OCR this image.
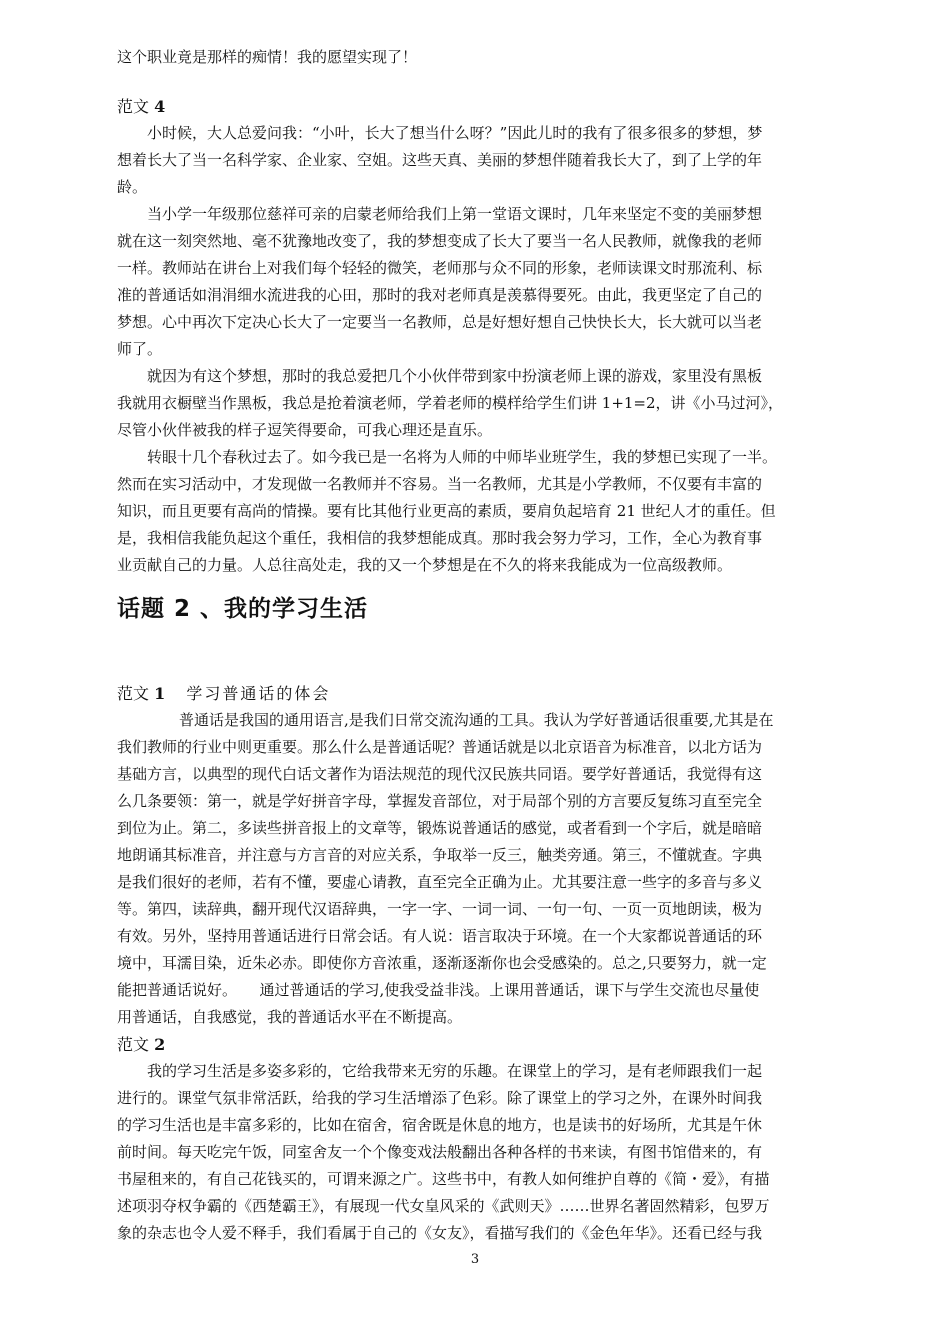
这个职业竟是那样的痴情！我的愿望实现了！
范文 4
小时候，大人总爱问我：“小叶，长大了想当什么呀？”因此儿时的我有了很多很多的梦想，梦
想着长大了当一名科学家、企业家、空姐。这些天真、美丽的梦想伴随着我长大了，到了上学的年
龄。
当小学一年级那位慈祥可亲的启蒙老师给我们上第一堂语文课时，几年来坚定不变的美丽梦想
就在这一刻突然地、毫不犹豫地改变了，我的梦想变成了长大了要当一名人民教师，就像我的老师
一样。教师站在讲台上对我们每个轻轻的微笑，老师那与众不同的形象，老师读课文时那流利、标
准的普通话如涓涓细水流进我的心田，那时的我对老师真是羡慕得要死。由此，我更坚定了自己的
梦想。心中再次下定决心长大了一定要当一名教师，总是好想好想自己快快长大，长大就可以当老
师了。
就因为有这个梦想，那时的我总爱把几个小伙伴带到家中扮演老师上课的游戏，家里没有黑板
我就用衣橱壁当作黑板，我总是抢着演老师，学着老师的模样给学生们讲 1+1=2，讲《小马过河》，
尽管小伙伴被我的样子逗笑得要命，可我心理还是直乐。
转眼十几个春秋过去了。如今我已是一名将为人师的中师毕业班学生，我的梦想已实现了一半。
然而在实习活动中，才发现做一名教师并不容易。当一名教师，尤其是小学教师，不仅要有丰富的
知识，而且更要有高尚的情操。要有比其他行业更高的素质，要肩负起培育 21 世纪人才的重任。但
是，我相信我能负起这个重任，我相信的我梦想能成真。那时我会努力学习，工作，全心为教育事
业贡献自己的力量。人总往高处走，我的又一个梦想是在不久的将来我能成为一位高级教师。
话题 2 、我的学习生活
范文 1 学习普通话的体会
普通话是我国的通用语言,是我们日常交流沟通的工具。我认为学好普通话很重要,尤其是在
我们教师的行业中则更重要。那么什么是普通话呢？普通话就是以北京语音为标准音，以北方话为
基础方言，以典型的现代白话文著作为语法规范的现代汉民族共同语。要学好普通话，我觉得有这
么几条要领：第一，就是学好拼音字母，掌握发音部位，对于局部个别的方言要反复练习直至完全
到位为止。第二，多读些拼音报上的文章等，锻炼说普通话的感觉，或者看到一个字后，就是暗暗
地朗诵其标准音，并注意与方言音的对应关系，争取举一反三，触类旁通。第三，不懂就查。字典
是我们很好的老师，若有不懂，要虚心请教，直至完全正确为止。尤其要注意一些字的多音与多义
等。第四，读辞典，翻开现代汉语辞典，一字一字、一词一词、一句一句、一页一页地朗读，极为
有效。另外，坚持用普通话进行日常会话。有人说：语言取决于环境。在一个大家都说普通话的环
境中，耳濡目染，近朱必赤。即使你方音浓重，逐渐逐渐你也会受感染的。总之,只要努力，就一定
能把普通话说好。　　通过普通话的学习,使我受益非浅。上课用普通话，课下与学生交流也尽量使
用普通话，自我感觉，我的普通话水平在不断提高。
范文 2
我的学习生活是多姿多彩的，它给我带来无穷的乐趣。在课堂上的学习，是有老师跟我们一起
进行的。课堂气氛非常活跃，给我的学习生活增添了色彩。除了课堂上的学习之外，在课外时间我
的学习生活也是丰富多彩的，比如在宿舍，宿舍既是休息的地方，也是读书的好场所，尤其是午休
前时间。每天吃完午饭，同室舍友一个个像变戏法般翻出各种各样的书来读，有图书馆借来的，有
书屋租来的，有自己花钱买的，可谓来源之广。这些书中，有教人如何维护自尊的《简・爱》，有描
述项羽夺权争霸的《西楚霸王》，有展现一代女皇风采的《武则天》……世界名著固然精彩，包罗万
象的杂志也令人爱不释手，我们看属于自己的《女友》，看描写我们的《金色年华》。还看已经与我
3
